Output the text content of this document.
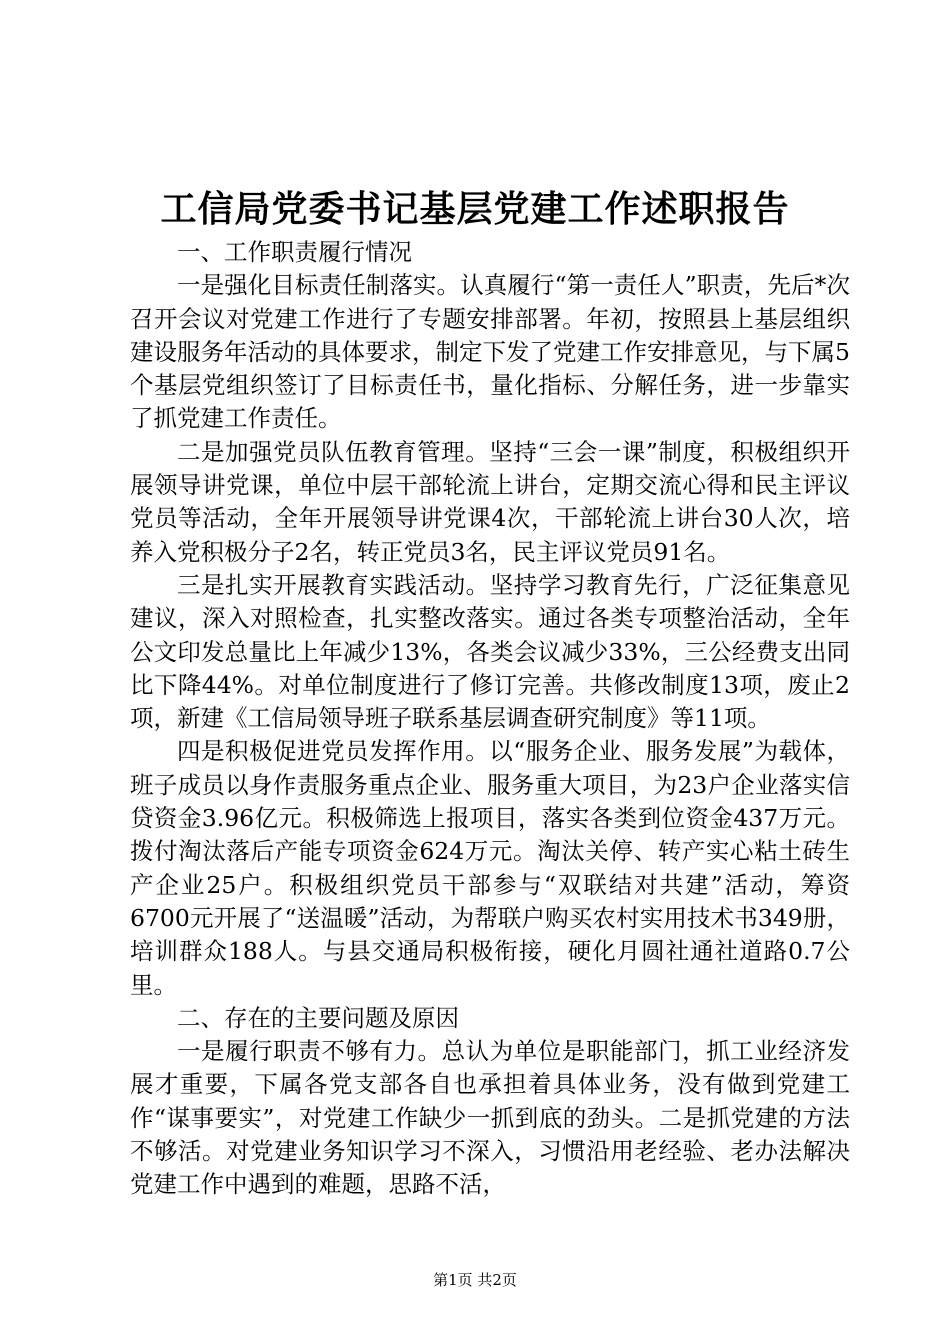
工信局党委书记基层党建工作述职报告

一、工作职责履行情况

一是强化目标责任制落实。认真履行“第一责任人”职责，先后*次召开会议对党建工作进行了专题安排部署。年初，按照县上基层组织建设服务年活动的具体要求，制定下发了党建工作安排意见，与下属5个基层党组织签订了目标责任书，量化指标、分解任务，进一步靠实了抓党建工作责任。

二是加强党员队伍教育管理。坚持“三会一课”制度，积极组织开展领导讲党课，单位中层干部轮流上讲台，定期交流心得和民主评议党员等活动，全年开展领导讲党课4次，干部轮流上讲台30人次，培养入党积极分子2名，转正党员3名，民主评议党员91名。

三是扎实开展教育实践活动。坚持学习教育先行，广泛征集意见建议，深入对照检查，扎实整改落实。通过各类专项整治活动，全年公文印发总量比上年减少13%，各类会议减少33%，三公经费支出同比下降44%。对单位制度进行了修订完善。共修改制度13项，废止2项，新建《工信局领导班子联系基层调查研究制度》等11项。

四是积极促进党员发挥作用。以“服务企业、服务发展”为载体，班子成员以身作责服务重点企业、服务重大项目，为23户企业落实信贷资金3.96亿元。积极筛选上报项目，落实各类到位资金437万元。拨付淘汰落后产能专项资金624万元。淘汰关停、转产实心粘土砖生产企业25户。积极组织党员干部参与“双联结对共建”活动，筹资6700元开展了“送温暖”活动，为帮联户购买农村实用技术书349册，培训群众188人。与县交通局积极衔接，硬化月圆社通社道路0.7公里。

二、存在的主要问题及原因

一是履行职责不够有力。总认为单位是职能部门，抓工业经济发展才重要，下属各党支部各自也承担着具体业务，没有做到党建工作“谋事要实”，对党建工作缺少一抓到底的劲头。二是抓党建的方法不够活。对党建业务知识学习不深入，习惯沿用老经验、老办法解决党建工作中遇到的难题，思路不活，

第1页 共2页
